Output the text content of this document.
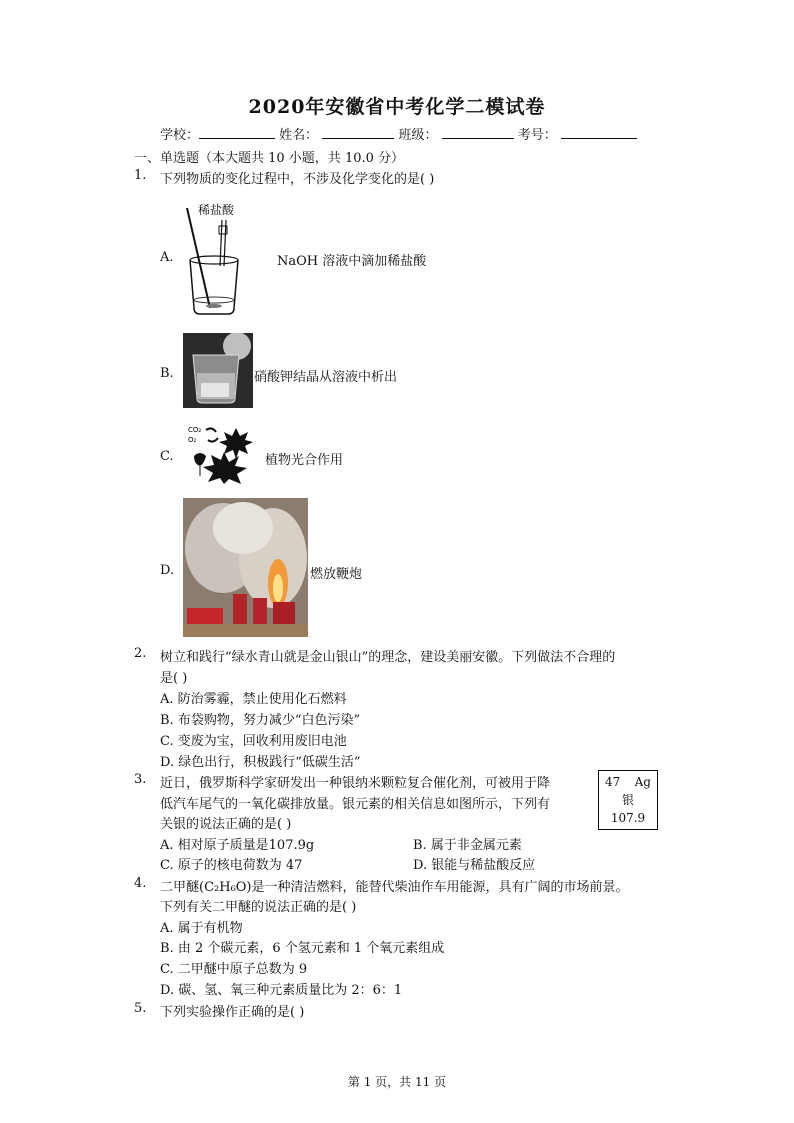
2020年安徽省中考化学二模试卷
学校：	姓名：	班级：	考号：
一、单选题（本大题共 10 小题，共 10.0 分）
1. 下列物质的变化过程中，不涉及化学变化的是( )
A.
稀盐酸
NaOH 溶液中滴加稀盐酸
B.	硝酸钾结晶从溶液中析出
C.
CO₂
O₂
植物光合作用
D.	燃放鞭炮
2. 树立和践行“绿水青山就是金山银山”的理念，建设美丽安徽。下列做法不合理的
是( )
A. 防治雾霾，禁止使用化石燃料
B. 布袋购物，努力减少“白色污染”
C. 变废为宝，回收利用废旧电池
D. 绿色出行，积极践行“低碳生活”
3. 近日，俄罗斯科学家研发出一种银纳米颗粒复合催化剂，可被用于降
低汽车尾气的一氧化碳排放量。银元素的相关信息如图所示，下列有
关银的说法正确的是( )
47 Ag
银
107.9
A. 相对原子质量是107.9g	B. 属于非金属元素
C. 原子的核电荷数为 47	D. 银能与稀盐酸反应
4. 二甲醚(C₂H₆O)是一种清洁燃料，能替代柴油作车用能源，具有广阔的市场前景。
下列有关二甲醚的说法正确的是( )
A. 属于有机物
B. 由 2 个碳元素，6 个氢元素和 1 个氧元素组成
C. 二甲醚中原子总数为 9
D. 碳、氢、氧三种元素质量比为 2：6：1
5. 下列实验操作正确的是( )
第 1 页，共 11 页
